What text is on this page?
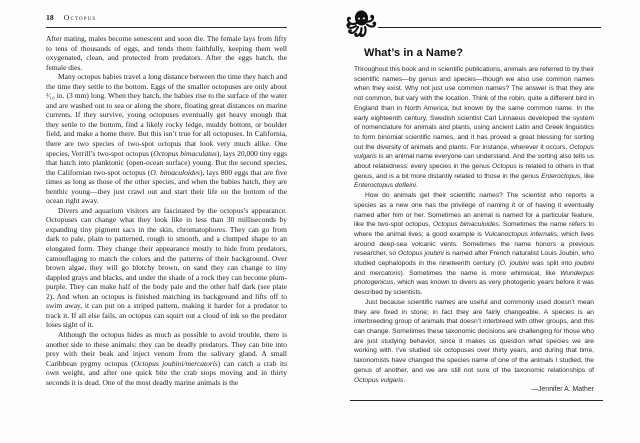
18 Octopus

After mating, males become senescent and soon die. The female lays from fifty to tens of thousands of eggs, and tends them faithfully, keeping them well oxygenated, clean, and protected from predators. After the eggs hatch, the female dies.

Many octopus babies travel a long distance between the time they hatch and the time they settle to the bottom. Eggs of the smaller octopuses are only about ¹⁄₁₀ in. (3 mm) long. When they hatch, the babies rise to the surface of the water and are washed out to sea or along the shore, floating great distances on marine currents. If they survive, young octopuses eventually get heavy enough that they settle to the bottom, find a likely rocky ledge, muddy bottom, or boulder field, and make a home there. But this isn’t true for all octopuses. In California, there are two species of two-spot octopus that look very much alike. One species, Verrill’s two-spot octopus (Octopus bimaculatus), lays 20,000 tiny eggs that hatch into planktonic (open-ocean surface) young. But the second species, the Californian two-spot octopus (O. bimaculoides), lays 800 eggs that are five times as long as those of the other species, and when the babies hatch, they are benthic young—they just crawl out and start their life on the bottom of the ocean right away.

Divers and aquarium visitors are fascinated by the octopus’s appearance. Octopuses can change what they look like in less than 30 milliseconds by expanding tiny pigment sacs in the skin, chromatophores. They can go from dark to pale, plain to patterned, rough to smooth, and a clumped shape to an elongated form. They change their appearance mostly to hide from predators, camouflaging to match the colors and the patterns of their background. Over brown algae, they will go blotchy brown, on sand they can change to tiny dappled grays and blacks, and under the shade of a rock they can become plum-purple. They can make half of the body pale and the other half dark (see plate 2). And when an octopus is finished matching its background and lifts off to swim away, it can put on a striped pattern, making it harder for a predator to track it. If all else fails, an octopus can squirt out a cloud of ink so the predator loses sight of it.

Although the octopus hides as much as possible to avoid trouble, there is another side to these animals: they can be deadly predators. They can bite into prey with their beak and inject venom from the salivary gland. A small Caribbean pygmy octopus (Octopus joubini/mercatoris) can catch a crab its own weight, and after one quick bite the crab stops moving and in thirty seconds it is dead. One of the most deadly marine animals is the

What’s in a Name?

Throughout this book and in scientific publications, animals are referred to by their scientific names—by genus and species—though we also use common names when they exist. Why not just use common names? The answer is that they are not common, but vary with the location. Think of the robin, quite a different bird in England than in North America, but known by the same common name. In the early eighteenth century, Swedish scientist Carl Linnaeus developed the system of nomenclature for animals and plants, using ancient Latin and Greek linguistics to form binomial scientific names, and it has proved a great blessing for sorting out the diversity of animals and plants. For instance, wherever it occurs, Octopus vulgaris is an animal name everyone can understand. And the sorting also tells us about relatedness: every species in the genus Octopus is related to others in that genus, and is a bit more distantly related to those in the genus Enteroctopus, like Enteroctopus dofleini.

How do animals get their scientific names? The scientist who reports a species as a new one has the privilege of naming it or of having it eventually named after him or her. Sometimes an animal is named for a particular feature, like the two-spot octopus, Octopus bimaculoides. Sometimes the name refers to where the animal lives; a good example is Vulcanoctopus infernalis, which lives around deep-sea volcanic vents. Sometimes the name honors a previous researcher, so Octopus joubini is named after French naturalist Louis Joubin, who studied cephalopods in the nineteenth century (O. joubini was split into joubini and mercatoris). Sometimes the name is more whimsical, like Wunderpus photogenicus, which was known to divers as very photogenic years before it was described by scientists.

Just because scientific names are useful and commonly used doesn’t mean they are fixed in stone; in fact they are fairly changeable. A species is an interbreeding group of animals that doesn’t interbreed with other groups, and this can change. Sometimes these taxonomic decisions are challenging for those who are just studying behavior, since it makes us question what species we are working with. I’ve studied six octopuses over thirty years, and during that time, taxonomists have changed the species name of one of the animals I studied, the genus of another, and we are still not sure of the taxonomic relationships of Octopus vulgaris.

—Jennifer A. Mather
